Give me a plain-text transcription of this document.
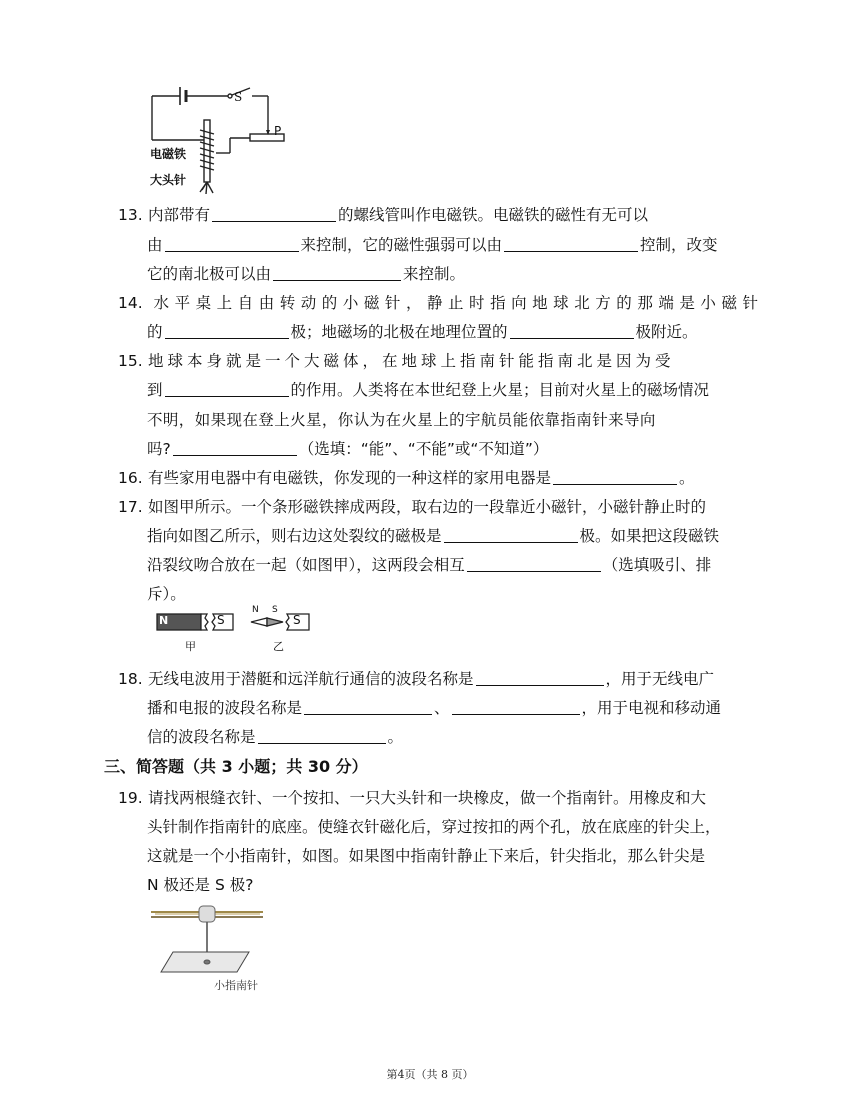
S
P
电磁铁
大头针
13. 内部带有	的螺线管叫作电磁铁。电磁铁的磁性有无可以
由	来控制，它的磁性强弱可以由	控制，改变
它的南北极可以由	来控制。
14. 水平桌上自由转动的小磁针，静止时指向地球北方的那端是小磁针
的	极；地磁场的北极在地理位置的	极附近。
15. 地球本身就是一个大磁体，在地球上指南针能指南北是因为受
到	的作用。人类将在本世纪登上火星；目前对火星上的磁场情况
不明，如果现在登上火星，你认为在火星上的宇航员能依靠指南针来导向
吗?	（选填：“能”、“不能”或“不知道”）
16. 有些家用电器中有电磁铁，你发现的一种这样的家用电器是	。
17. 如图甲所示。一个条形磁铁摔成两段，取右边的一段靠近小磁针，小磁针静止时的
指向如图乙所示，则右边这处裂纹的磁极是	极。如果把这段磁铁
沿裂纹吻合放在一起（如图甲），这两段会相互	（选填吸引、排
斥）。
N	S
N S
S
甲	乙
18. 无线电波用于潜艇和远洋航行通信的波段名称是	，用于无线电广
播和电报的波段名称是	、	，用于电视和移动通
信的波段名称是	。
三、简答题（共 3 小题；共 30 分）
19. 请找两根缝衣针、一个按扣、一只大头针和一块橡皮，做一个指南针。用橡皮和大
头针制作指南针的底座。使缝衣针磁化后，穿过按扣的两个孔，放在底座的针尖上，
这就是一个小指南针，如图。如果图中指南针静止下来后，针尖指北，那么针尖是
N 极还是 S 极?
小指南针
第4页（共 8 页）
